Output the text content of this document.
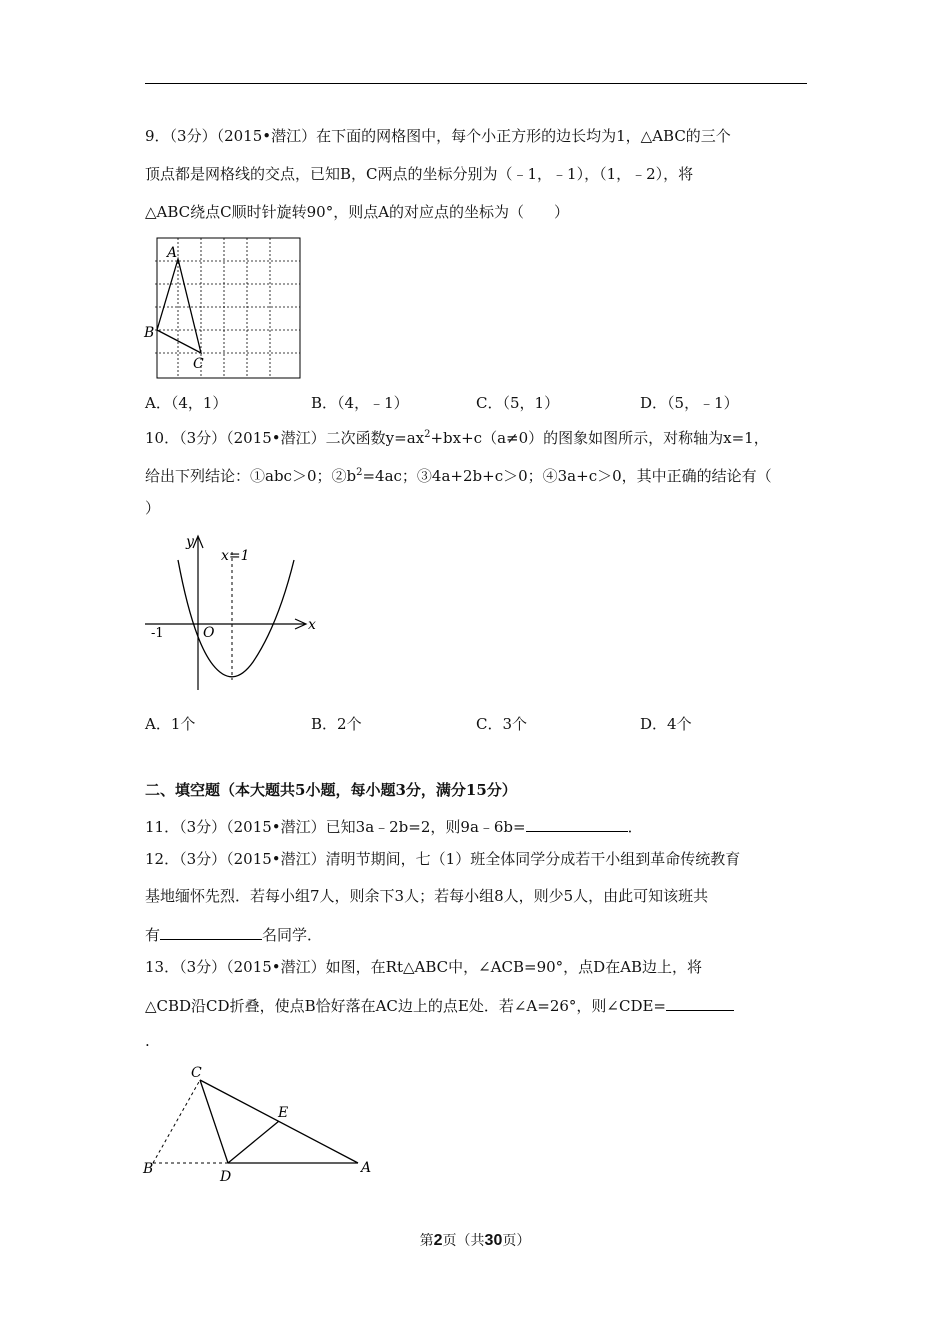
9．（3分）（2015•潜江）在下面的网格图中，每个小正方形的边长均为1，△ABC的三个
顶点都是网格线的交点，已知B，C两点的坐标分别为（﹣1，﹣1），（1，﹣2），将
△ABC绕点C顺时针旋转90°，则点A的对应点的坐标为（　　）
A
B
C
A．（4，1）	B．（4，﹣1）	C．（5，1）	D．（5，﹣1）
10．（3分）（2015•潜江）二次函数$y=ax^2+bx+c(a\ne 0)$的图象如图所示，对称轴为x=1，
给出下列结论：①abc＞0；$②b^2=4ac$；③4a+2b+c＞0；④3a+c＞0，其中正确的结论有（
）
y
x
x=1
O
-1
A．1个	B．2个	C．3个	D．4个
二、填空题（本大题共5小题，每小题3分，满分15分）
11．（3分）（2015•潜江）已知3a﹣2b=2，则9a﹣6b=	．
12．（3分）（2015•潜江）清明节期间，七（1）班全体同学分成若干小组到革命传统教育
基地缅怀先烈．若每小组7人，则余下3人；若每小组8人，则少5人，由此可知该班共
有	名同学．
13．（3分）（2015•潜江）如图，在Rt△ABC中，∠ACB=90°，点D在AB边上，将
△CBD沿CD折叠，使点B恰好落在AC边上的点E处．若∠A=26°，则∠CDE=
.
C
E
B	D
A
第2页（共30页）
